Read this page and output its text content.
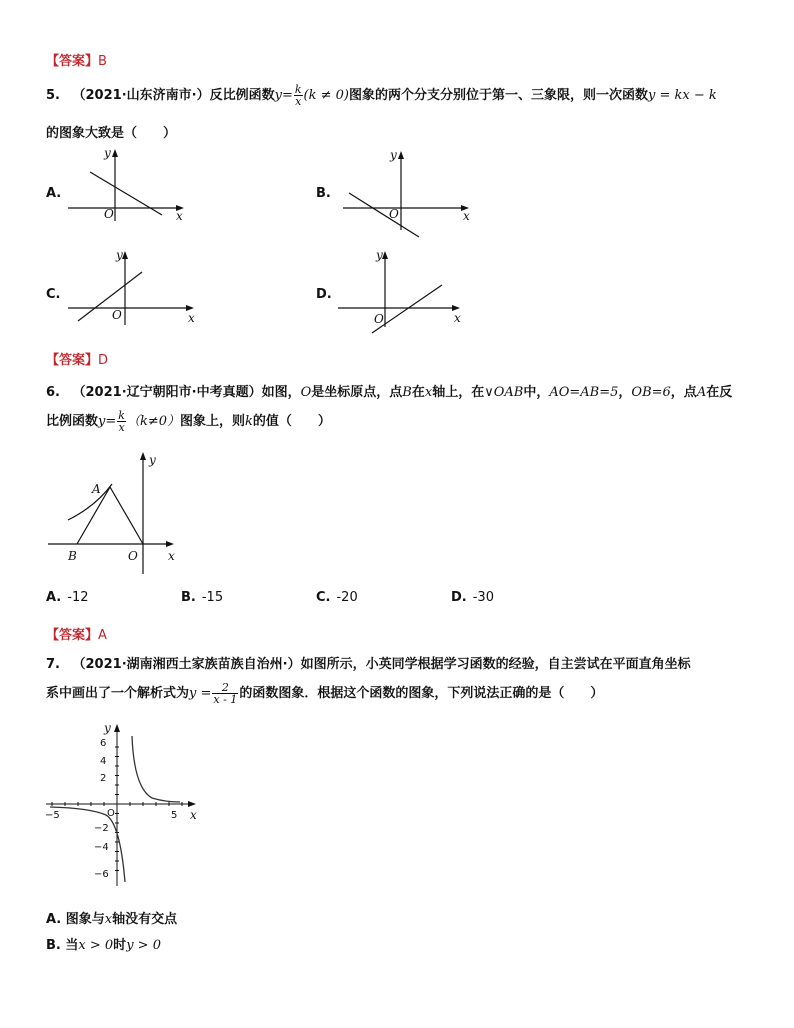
【答案】B
5. （2021·山东济南市·）反比例函数$y= \frac{k}{x} (k \ne 0)$图象的两个分支分别位于第一、三象限，则一次函数y = kx − k
的图象大致是（　　）
A.
x
y
O
B.
x
y
O
C.
x
y
O
D.
x
y
O
【答案】D
6. （2021·辽宁朝阳市·中考真题）如图，O是坐标原点，点B在x轴上，在∨OAB中，AO=AB=5，OB=6，点A在反
比例函数$y= \frac{k}{x} (k\ne 0)$图象上，则k的值（　　）
y
A
B	O	x
A. -12	B. -15	C. -20	D. -30
【答案】A
7. （2021·湖南湘西土家族苗族自治州·）如图所示，小英同学根据学习函数的经验，自主尝试在平面直角坐标
系中画出了一个解析式为$y = \frac{2}{x - 1}$ 的函数图象．根据这个函数的图象，下列说法正确的是（　　）
6
4
2
−2
−4
−6
−5	5 x
y
O
A. 图象与x轴没有交点
B. 当x > 0时y > 0
